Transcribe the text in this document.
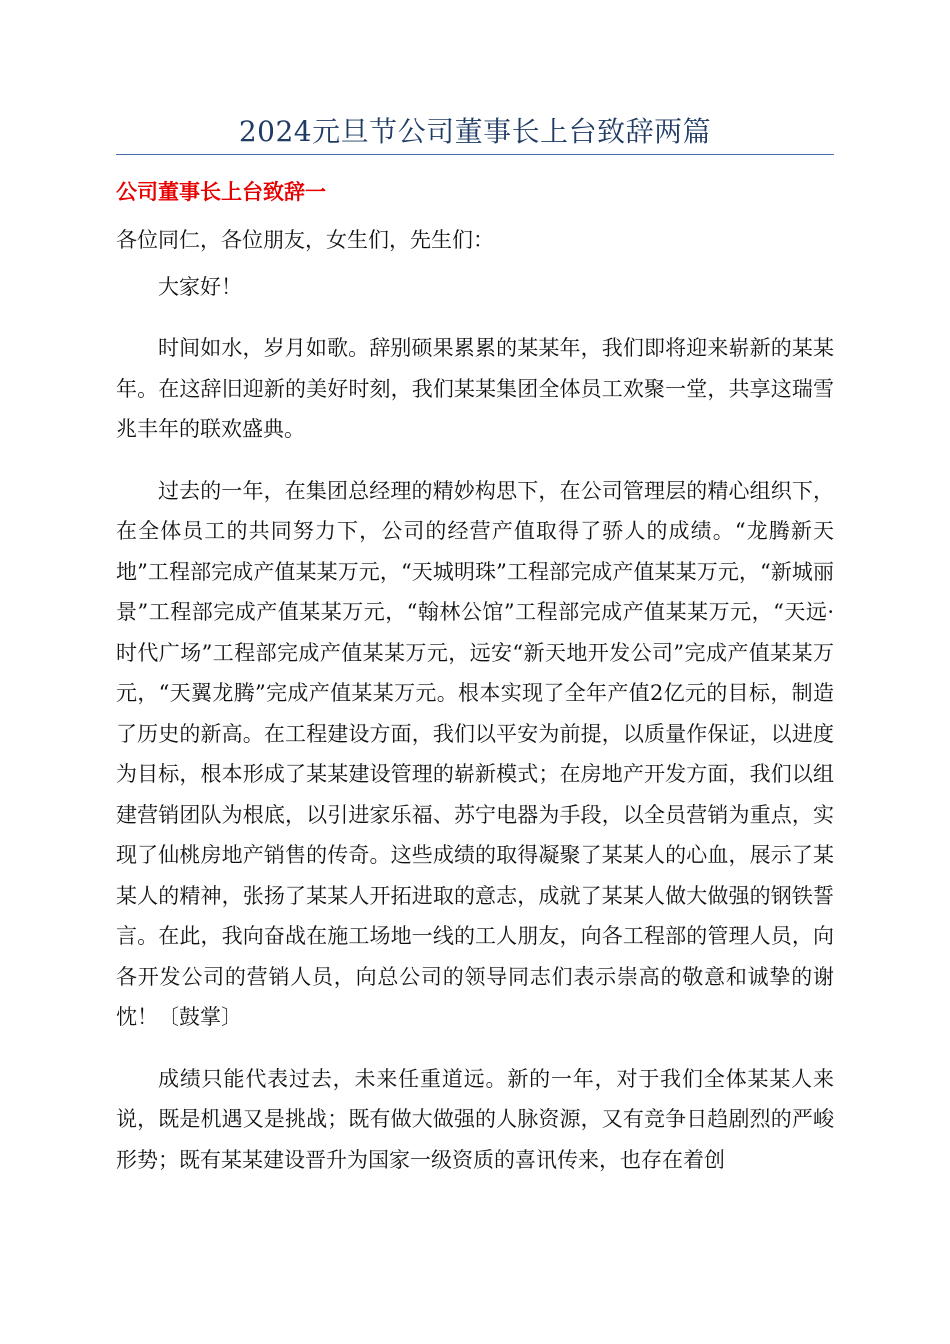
2024元旦节公司董事长上台致辞两篇
公司董事长上台致辞一

各位同仁，各位朋友，女生们，先生们：

大家好！

时间如水，岁月如歌。辞别硕果累累的某某年，我们即将迎来崭新的某某年。在这辞旧迎新的美好时刻，我们某某集团全体员工欢聚一堂，共享这瑞雪兆丰年的联欢盛典。

过去的一年，在集团总经理的精妙构思下，在公司管理层的精心组织下，在全体员工的共同努力下，公司的经营产值取得了骄人的成绩。“龙腾新天地”工程部完成产值某某万元，“天城明珠”工程部完成产值某某万元，“新城丽景”工程部完成产值某某万元，“翰林公馆”工程部完成产值某某万元，“天远·时代广场”工程部完成产值某某万元，远安“新天地开发公司”完成产值某某万元，“天翼龙腾”完成产值某某万元。根本实现了全年产值2亿元的目标，制造了历史的新高。在工程建设方面，我们以平安为前提，以质量作保证，以进度为目标，根本形成了某某建设管理的崭新模式；在房地产开发方面，我们以组建营销团队为根底，以引进家乐福、苏宁电器为手段，以全员营销为重点，实现了仙桃房地产销售的传奇。这些成绩的取得凝聚了某某人的心血，展示了某某人的精神，张扬了某某人开拓进取的意志，成就了某某人做大做强的钢铁誓言。在此，我向奋战在施工场地一线的工人朋友，向各工程部的管理人员，向各开发公司的营销人员，向总公司的领导同志们表示崇高的敬意和诚挚的谢忱！〔鼓掌〕

成绩只能代表过去，未来任重道远。新的一年，对于我们全体某某人来说，既是机遇又是挑战；既有做大做强的人脉资源，又有竞争日趋剧烈的严峻形势；既有某某建设晋升为国家一级资质的喜讯传来，也存在着创
